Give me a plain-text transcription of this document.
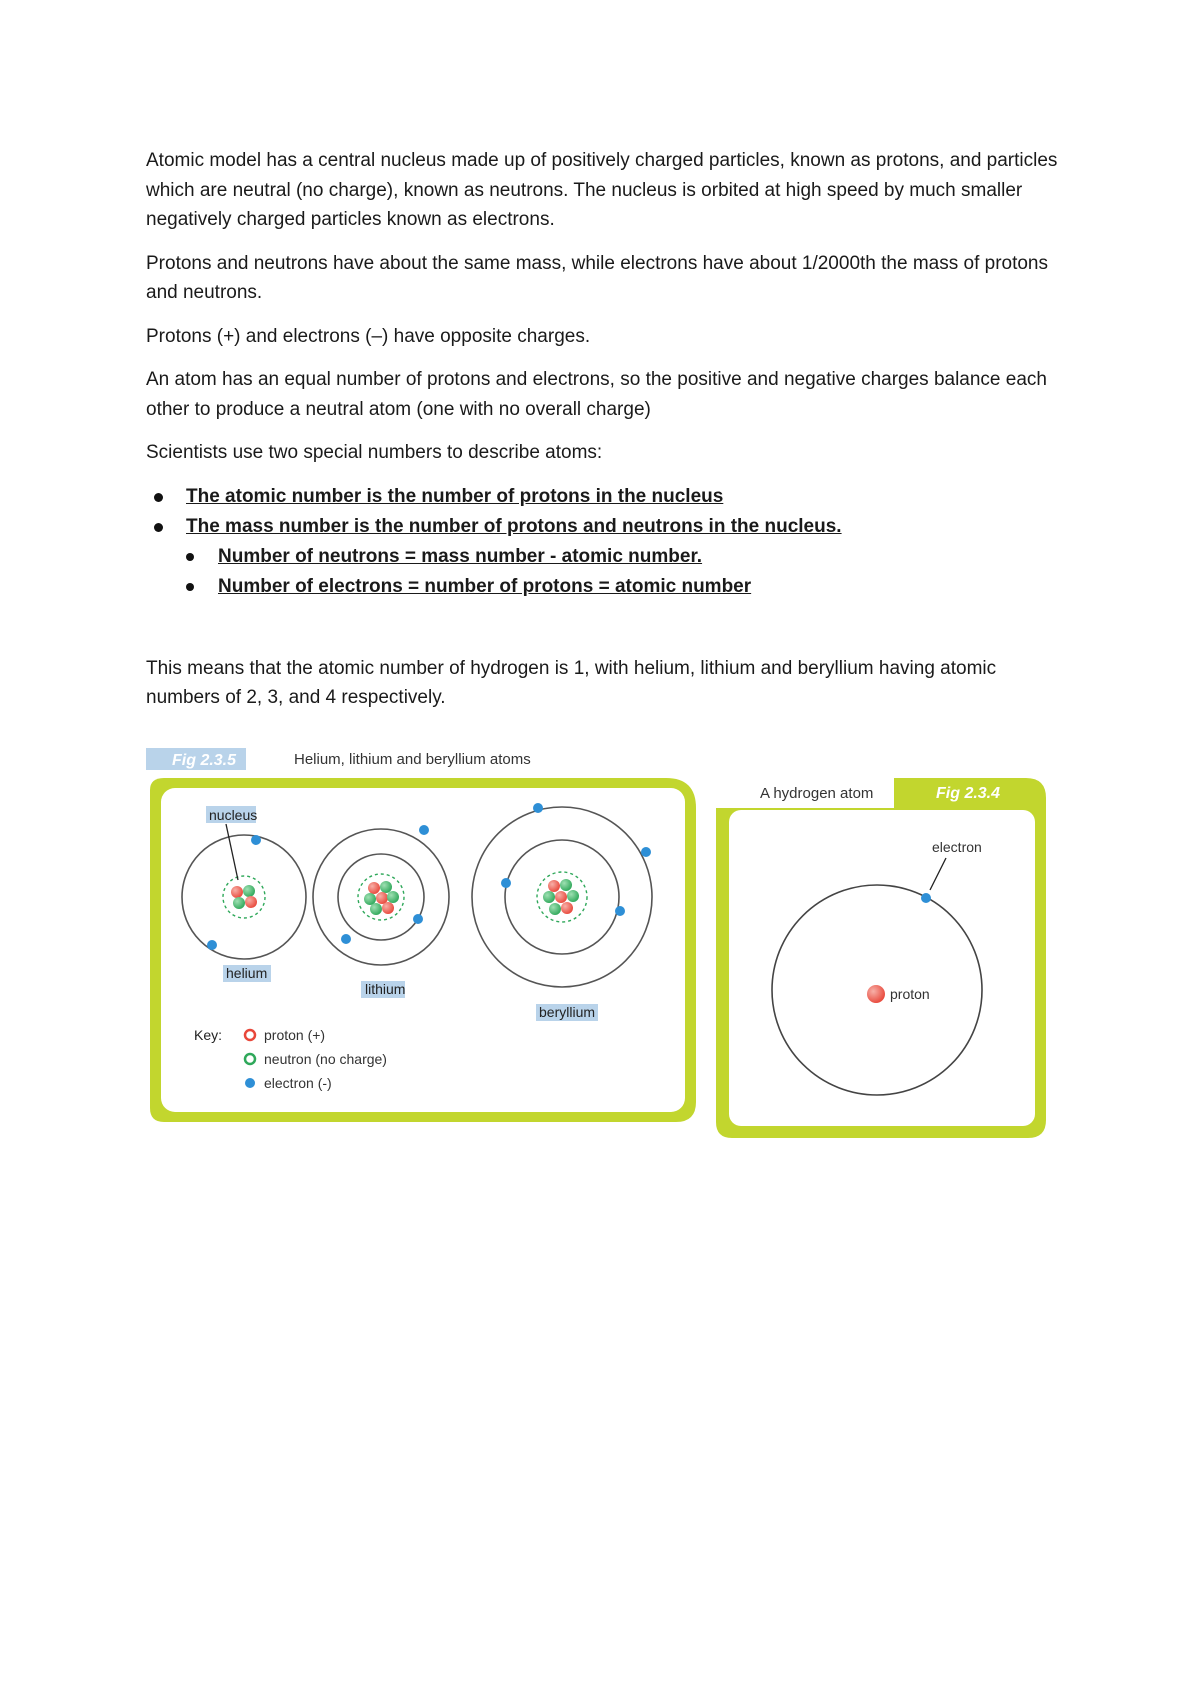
Atomic model has a central nucleus made up of positively charged particles, known as protons, and particles which are neutral (no charge), known as neutrons. The nucleus is orbited at high speed by much smaller negatively charged particles known as electrons.

Protons and neutrons have about the same mass, while electrons have about 1/2000th the mass of protons and neutrons.

Protons (+) and electrons (–) have opposite charges.

An atom has an equal number of protons and electrons, so the positive and negative charges balance each other to produce a neutral atom (one with no overall charge)

Scientists use two special numbers to describe atoms:

The atomic number is the number of protons in the nucleus
The mass number is the number of protons and neutrons in the nucleus.
Number of neutrons = mass number - atomic number.
Number of electrons = number of protons = atomic number

This means that the atomic number of hydrogen is 1, with helium, lithium and beryllium having atomic numbers of 2, 3, and 4 respectively.

Fig 2.3.5	Helium, lithium and beryllium atoms
nucleus
helium
lithium
beryllium
Key:	proton (+)
neutron (no charge)
electron (-)
A hydrogen atom	Fig 2.3.4
proton
electron
